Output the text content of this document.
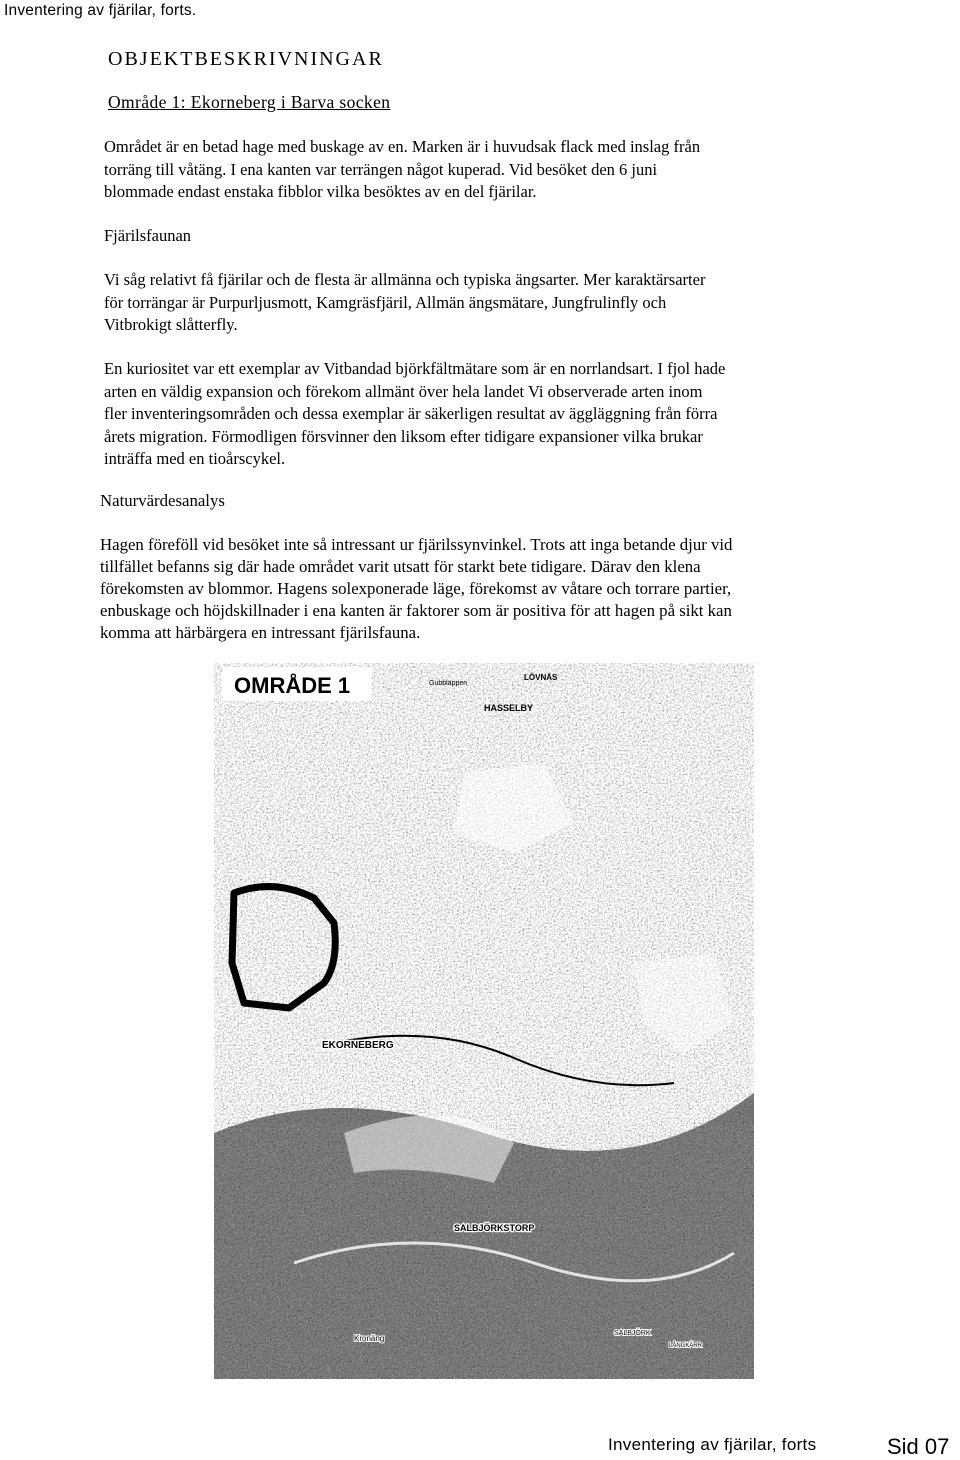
Inventering av fjärilar, forts.
OBJEKTBESKRIVNINGAR
Område 1: Ekorneberg i Barva socken

Området är en betad hage med buskage av en. Marken är i huvudsak flack med inslag från
torräng till våtäng. I ena kanten var terrängen något kuperad. Vid besöket den 6 juni
blommade endast enstaka fibblor vilka besöktes av en del fjärilar.

Fjärilsfaunan

Vi såg relativt få fjärilar och de flesta är allmänna och typiska ängsarter. Mer karaktärsarter
för torrängar är Purpurljusmott, Kamgräsfjäril, Allmän ängsmätare, Jungfrulinfly och
Vitbrokigt slåtterfly.

En kuriositet var ett exemplar av Vitbandad björkfältmätare som är en norrlandsart. I fjol hade
arten en väldig expansion och förekom allmänt över hela landet Vi observerade arten inom
fler inventeringsområden och dessa exemplar är säkerligen resultat av äggläggning från förra
årets migration. Förmodligen försvinner den liksom efter tidigare expansioner vilka brukar
inträffa med en tioårscykel.

Naturvärdesanalys

Hagen föreföll vid besöket inte så intressant ur fjärilssynvinkel. Trots att inga betande djur vid
tillfället befanns sig där hade området varit utsatt för starkt bete tidigare. Därav den klena
förekomsten av blommor. Hagens solexponerade läge, förekomst av våtare och torrare partier,
enbuskage och höjdskillnader i ena kanten är faktorer som är positiva för att hagen på sikt kan
komma att härbärgera en intressant fjärilsfauna.

OMRÅDE 1	Gubbläppen
LÖVNÄS
HASSELBY
EKORNEBERG
SALBJÖRKSTORP
Kronäng
SALBJÖRK
LÅNGKÄRR
Inventering av fjärilar, forts	Sid 07
